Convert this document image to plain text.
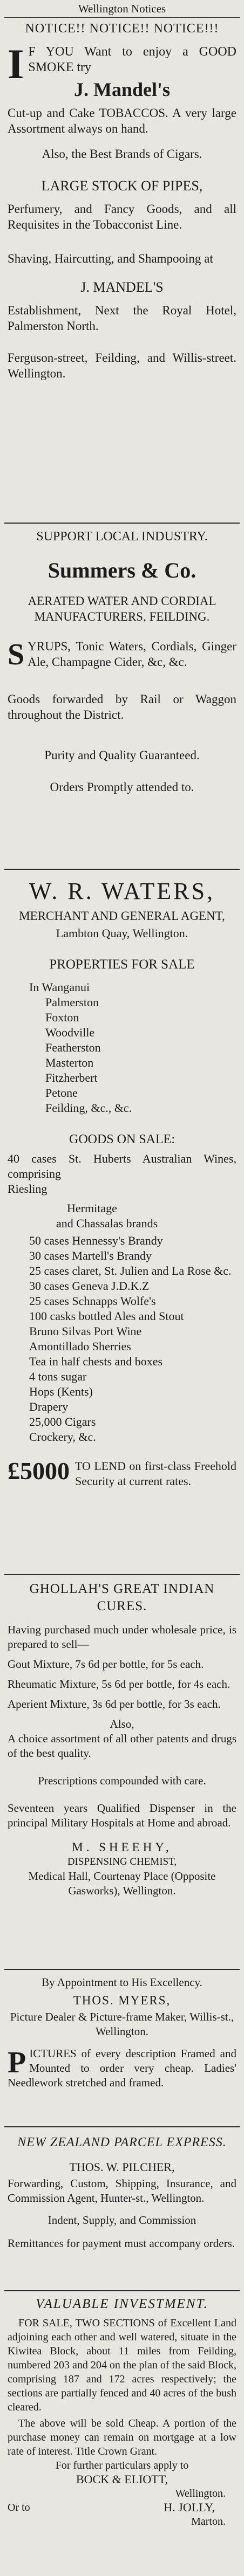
Wellington Notices
NOTICE!! NOTICE!! NOTICE!!!
I F YOU Want to enjoy a GOOD SMOKE try
J. Mandel's
Cut-up and Cake TOBACCOS. A very large Assortment always on hand.
Also, the Best Brands of Cigars.
LARGE STOCK OF PIPES,
Perfumery, and Fancy Goods, and all Requisites in the Tobacconist Line.
Shaving, Haircutting, and Shampooing at
J. MANDEL'S
Establishment, Next the Royal Hotel, Palmerston North.
Ferguson-street, Feilding, and Willis-street. Wellington.
SUPPORT LOCAL INDUSTRY.
Summers & Co.
AERATED WATER AND CORDIAL MANUFACTURERS, FEILDING.
S YRUPS, Tonic Waters, Cordials, Ginger Ale, Champagne Cider, &c, &c.
Goods forwarded by Rail or Waggon throughout the District.
Purity and Quality Guaranteed.
Orders Promptly attended to.
W. R. WATERS,
MERCHANT AND GENERAL AGENT,
Lambton Quay, Wellington.
PROPERTIES FOR SALE
In Wanganui
Palmerston
Foxton
Woodville
Featherston
Masterton
Fitzherbert
Petone
Feilding, &c., &c.
GOODS ON SALE:
40 cases St. Huberts Australian Wines, comprising
Riesling
Hermitage
and Chassalas brands
50 cases Hennessy's Brandy
30 cases Martell's Brandy
25 cases claret, St. Julien and La Rose &c.
30 cases Geneva J.D.K.Z
25 cases Schnapps Wolfe's
100 casks bottled Ales and Stout
Bruno Silvas Port Wine
Amontillado Sherries
Tea in half chests and boxes
4 tons sugar
Hops (Kents)
Drapery
25,000 Cigars
Crockery, &c.
£5000 TO LEND on first-class Freehold Security at current rates.
GHOLLAH'S GREAT INDIAN CURES.
Having purchased much under wholesale price, is prepared to sell—
Gout Mixture, 7s 6d per bottle, for 5s each.
Rheumatic Mixture, 5s 6d per bottle, for 4s each.
Aperient Mixture, 3s 6d per bottle, for 3s each.
Also,
A choice assortment of all other patents and drugs of the best quality.
Prescriptions compounded with care.
Seventeen years Qualified Dispenser in the principal Military Hospitals at Home and abroad.
M. SHEEHY,
DISPENSING CHEMIST,
Medical Hall, Courtenay Place (Opposite Gasworks), Wellington.
By Appointment to His Excellency.
THOS. MYERS,
Picture Dealer & Picture-frame Maker, Willis-st., Wellington.
P ICTURES of every description Framed and Mounted to order very cheap. Ladies' Needlework stretched and framed.
NEW ZEALAND PARCEL EXPRESS.
THOS. W. PILCHER,
Forwarding, Custom, Shipping, Insurance, and Commission Agent, Hunter-st., Wellington.
Indent, Supply, and Commission
Remittances for payment must accompany orders.
VALUABLE INVESTMENT.
FOR SALE, TWO SECTIONS of Excellent Land adjoining each other and well watered, situate in the Kiwitea Block, about 11 miles from Feilding, numbered 203 and 204 on the plan of the said Block, comprising 187 and 172 acres respectively; the sections are partially fenced and 40 acres of the bush cleared.
The above will be sold Cheap. A portion of the purchase money can remain on mortgage at a low rate of interest. Title Crown Grant.
For further particulars apply to
BOCK & ELIOTT,
Wellington.
Or to	H. JOLLY,
Marton.
